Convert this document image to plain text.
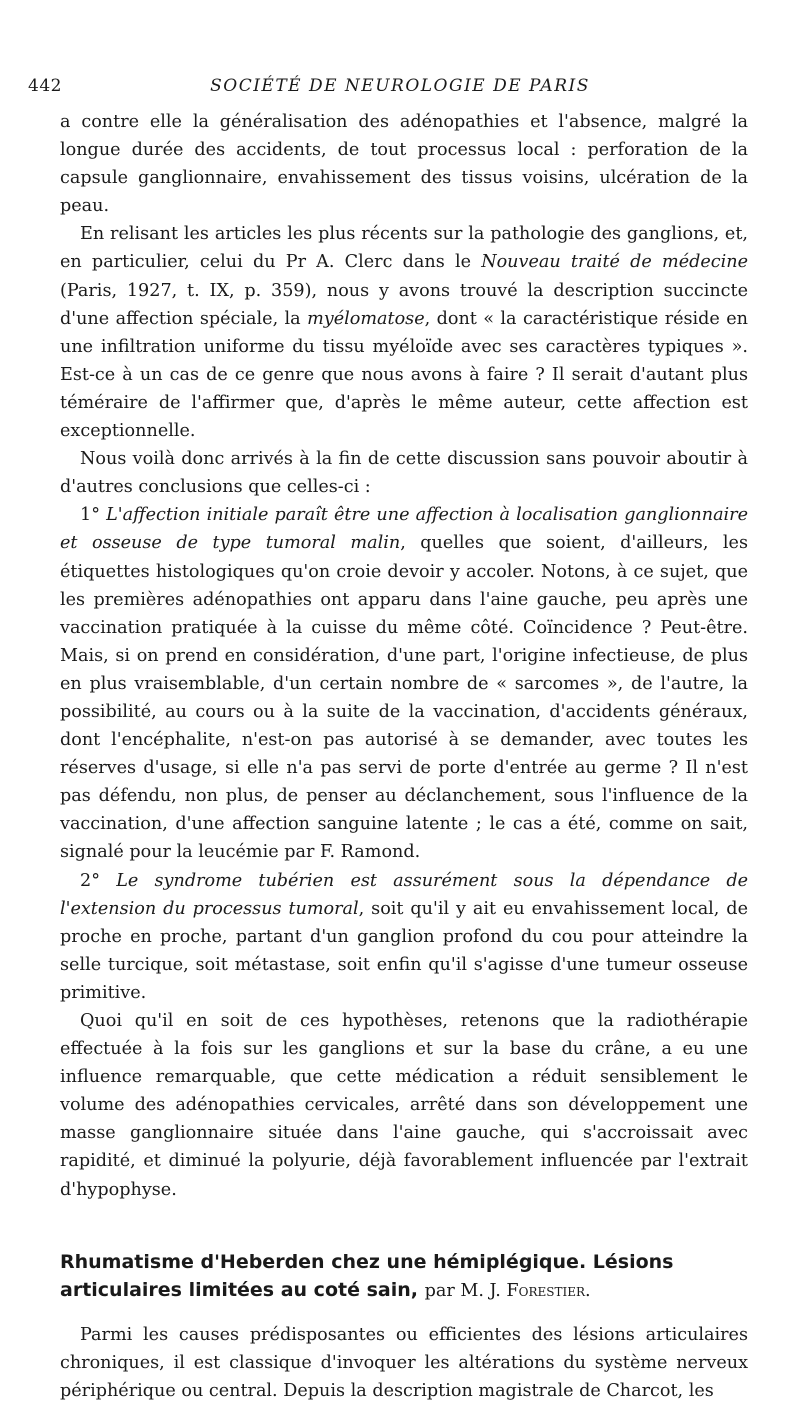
442	SOCIÉTÉ DE NEUROLOGIE DE PARIS

a contre elle la généralisation des adénopathies et l'absence, malgré la longue durée des accidents, de tout processus local : perforation de la capsule ganglionnaire, envahissement des tissus voisins, ulcération de la peau.

En relisant les articles les plus récents sur la pathologie des ganglions, et, en particulier, celui du Pr A. Clerc dans le Nouveau traité de médecine (Paris, 1927, t. IX, p. 359), nous y avons trouvé la description succincte d'une affection spéciale, la myélomatose, dont « la caractéristique réside en une infiltration uniforme du tissu myéloïde avec ses caractères typiques ». Est-ce à un cas de ce genre que nous avons à faire ? Il serait d'autant plus téméraire de l'affirmer que, d'après le même auteur, cette affection est exceptionnelle.

Nous voilà donc arrivés à la fin de cette discussion sans pouvoir aboutir à d'autres conclusions que celles-ci :

1° L'affection initiale paraît être une affection à localisation ganglionnaire et osseuse de type tumoral malin, quelles que soient, d'ailleurs, les étiquettes histologiques qu'on croie devoir y accoler. Notons, à ce sujet, que les premières adénopathies ont apparu dans l'aine gauche, peu après une vaccination pratiquée à la cuisse du même côté. Coïncidence ? Peut-être. Mais, si on prend en considération, d'une part, l'origine infectieuse, de plus en plus vraisemblable, d'un certain nombre de « sarcomes », de l'autre, la possibilité, au cours ou à la suite de la vaccination, d'accidents généraux, dont l'encéphalite, n'est-on pas autorisé à se demander, avec toutes les réserves d'usage, si elle n'a pas servi de porte d'entrée au germe ? Il n'est pas défendu, non plus, de penser au déclanchement, sous l'influence de la vaccination, d'une affection sanguine latente ; le cas a été, comme on sait, signalé pour la leucémie par F. Ramond.

2° Le syndrome tubérien est assurément sous la dépendance de l'extension du processus tumoral, soit qu'il y ait eu envahissement local, de proche en proche, partant d'un ganglion profond du cou pour atteindre la selle turcique, soit métastase, soit enfin qu'il s'agisse d'une tumeur osseuse primitive.

Quoi qu'il en soit de ces hypothèses, retenons que la radiothérapie effectuée à la fois sur les ganglions et sur la base du crâne, a eu une influence remarquable, que cette médication a réduit sensiblement le volume des adénopathies cervicales, arrêté dans son développement une masse ganglionnaire située dans l'aine gauche, qui s'accroissait avec rapidité, et diminué la polyurie, déjà favorablement influencée par l'extrait d'hypophyse.

Rhumatisme d'Heberden chez une hémiplégique. Lésions articulaires limitées au coté sain, par M. J. Forestier.

Parmi les causes prédisposantes ou efficientes des lésions articulaires chroniques, il est classique d'invoquer les altérations du système nerveux périphérique ou central. Depuis la description magistrale de Charcot, les
